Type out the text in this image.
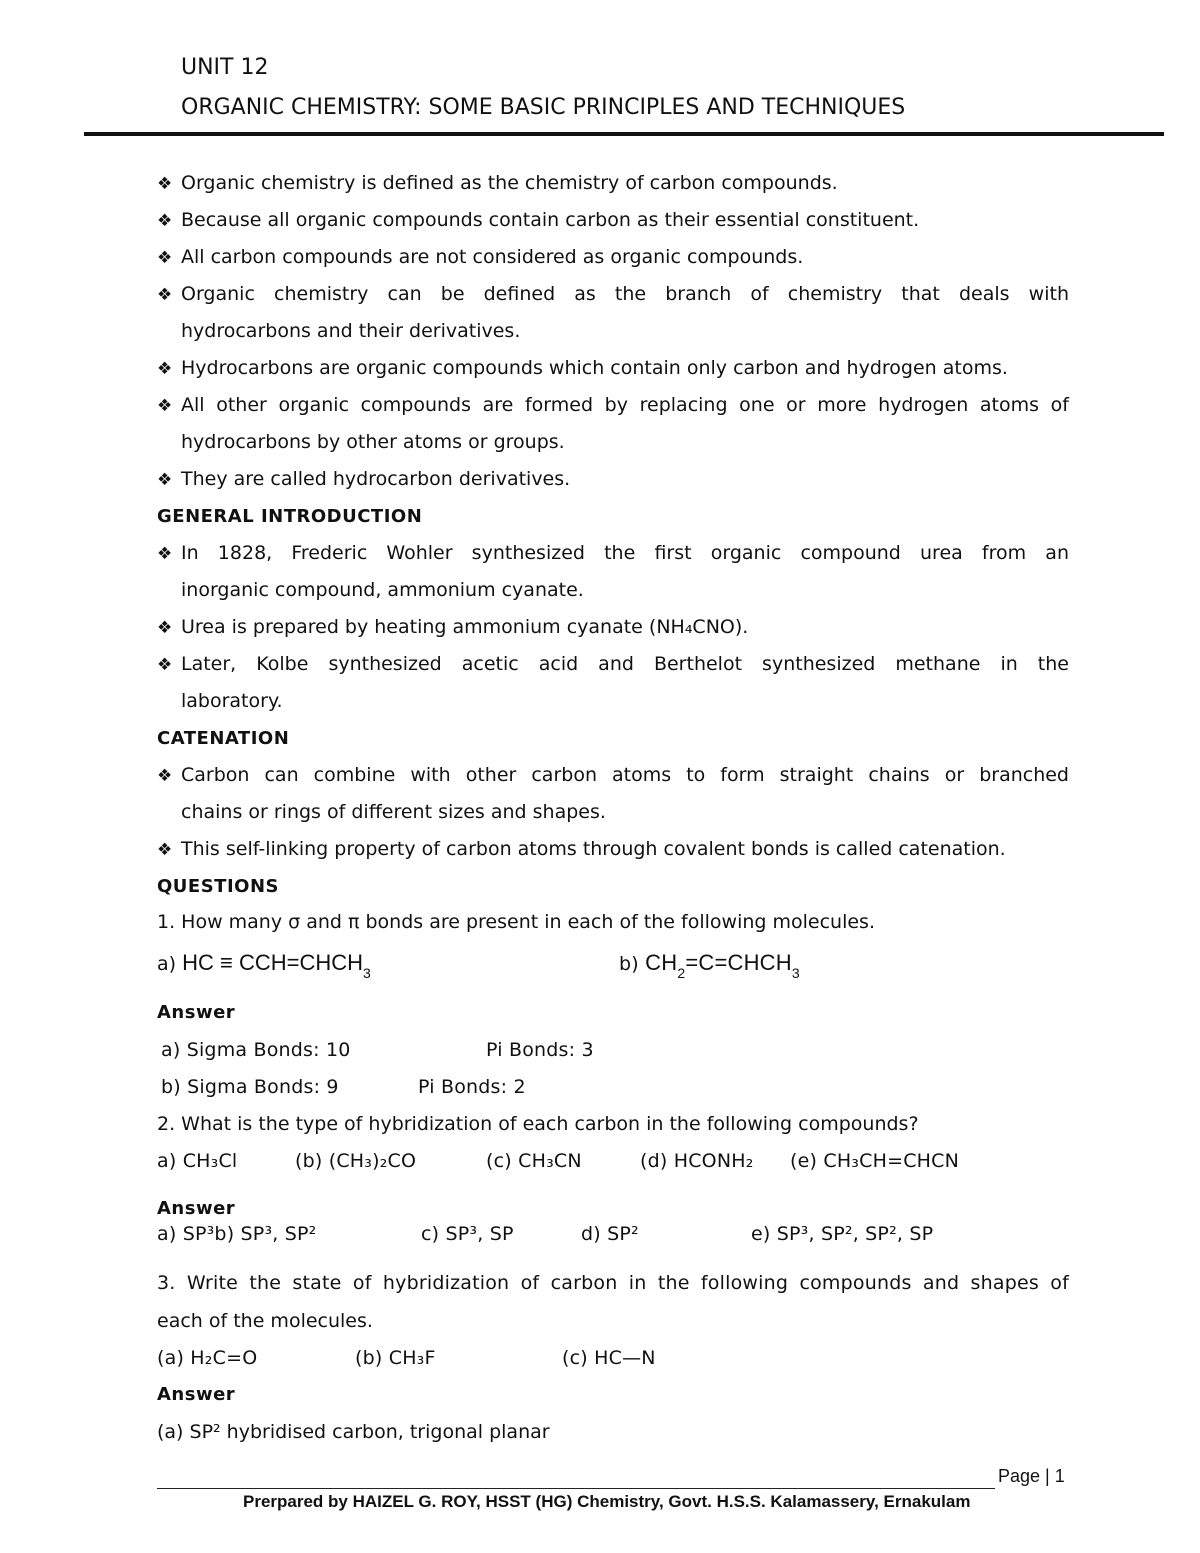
UNIT 12
ORGANIC CHEMISTRY: SOME BASIC PRINCIPLES AND TECHNIQUES
❖ Organic chemistry is defined as the chemistry of carbon compounds.
❖ Because all organic compounds contain carbon as their essential constituent.
❖ All carbon compounds are not considered as organic compounds.
❖ Organic chemistry can be defined as the branch of chemistry that deals with
hydrocarbons and their derivatives.
❖ Hydrocarbons are organic compounds which contain only carbon and hydrogen atoms.
❖ All other organic compounds are formed by replacing one or more hydrogen atoms of
hydrocarbons by other atoms or groups.
❖ They are called hydrocarbon derivatives.
GENERAL INTRODUCTION
❖ In 1828, Frederic Wohler synthesized the first organic compound urea from an
inorganic compound, ammonium cyanate.
❖ Urea is prepared by heating ammonium cyanate (NH₄CNO).
❖ Later, Kolbe synthesized acetic acid and Berthelot synthesized methane in the
laboratory.
CATENATION
❖ Carbon can combine with other carbon atoms to form straight chains or branched
chains or rings of different sizes and shapes.
❖ This self-linking property of carbon atoms through covalent bonds is called catenation.
QUESTIONS
1. How many σ and π bonds are present in each of the following molecules.
a) HC ≡ $CCH=CHCH_3$	b) $CH_2=C=CHCH_3$
Answer
a) Sigma Bonds: 10	Pi Bonds: 3
b) Sigma Bonds: 9	Pi Bonds: 2
2. What is the type of hybridization of each carbon in the following compounds?
a) CH₃Cl	(b) (CH₃)₂CO	(c) CH₃CN	(d) HCONH₂ (e) CH₃CH=CHCN
Answer
a) SP³b) SP³, SP²	c) SP³, SP	d) SP²	e) SP³, SP², SP², SP
3. Write the state of hybridization of carbon in the following compounds and shapes of
each of the molecules.
(a) H₂C=O	(b) CH₃F	(c) HC—N
Answer
(a) SP² hybridised carbon, trigonal planar
Page | 1
Prerpared by HAIZEL G. ROY, HSST (HG) Chemistry, Govt. H.S.S. Kalamassery, Ernakulam
